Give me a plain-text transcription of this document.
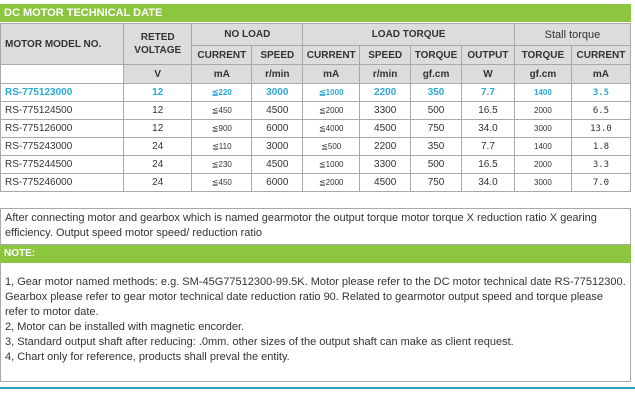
DC MOTOR TECHNICAL DATE
MOTOR MODEL NO.	RETED VOLTAGE	NO LOAD		LOAD TORQUE				Stall torque	
		CURRENT	SPEED	CURRENT	SPEED	TORQUE	OUTPUT	TORQUE	CURRENT
	V	mA	r/min	mA	r/min	gf.cm	W	gf.cm	mA
RS-775123000	12	≦220	3000	≦1000	2200	350	7.7	1400	3.5
RS-775124500	12	≦450	4500	≦2000	3300	500	16.5	2000	6.5
RS-775126000	12	≦900	6000	≦4000	4500	750	34.0	3000	13.0
RS-775243000	24	≦110	3000	≦500	2200	350	7.7	1400	1.8
RS-775244500	24	≦230	4500	≦1000	3300	500	16.5	2000	3.3
RS-775246000	24	≦450	6000	≦2000	4500	750	34.0	3000	7.0
After connecting motor and gearbox which is named gearmotor the output torque motor torque X reduction ratio X gearing efficiency. Output speed motor speed/ reduction ratio
NOTE:

1, Gear motor named methods: e.g. SM-45G77512300-99.5K. Motor please refer to the DC motor technical date RS-77512300. Gearbox please refer to gear motor technical date reduction ratio 90. Related to gearmotor output speed and torque please refer to motor date.

2, Motor can be installed with magnetic encorder.

3, Standard output shaft after reducing: .0mm. other sizes of the output shaft can make as client request.

4, Chart only for reference, products shall preval the entity.
